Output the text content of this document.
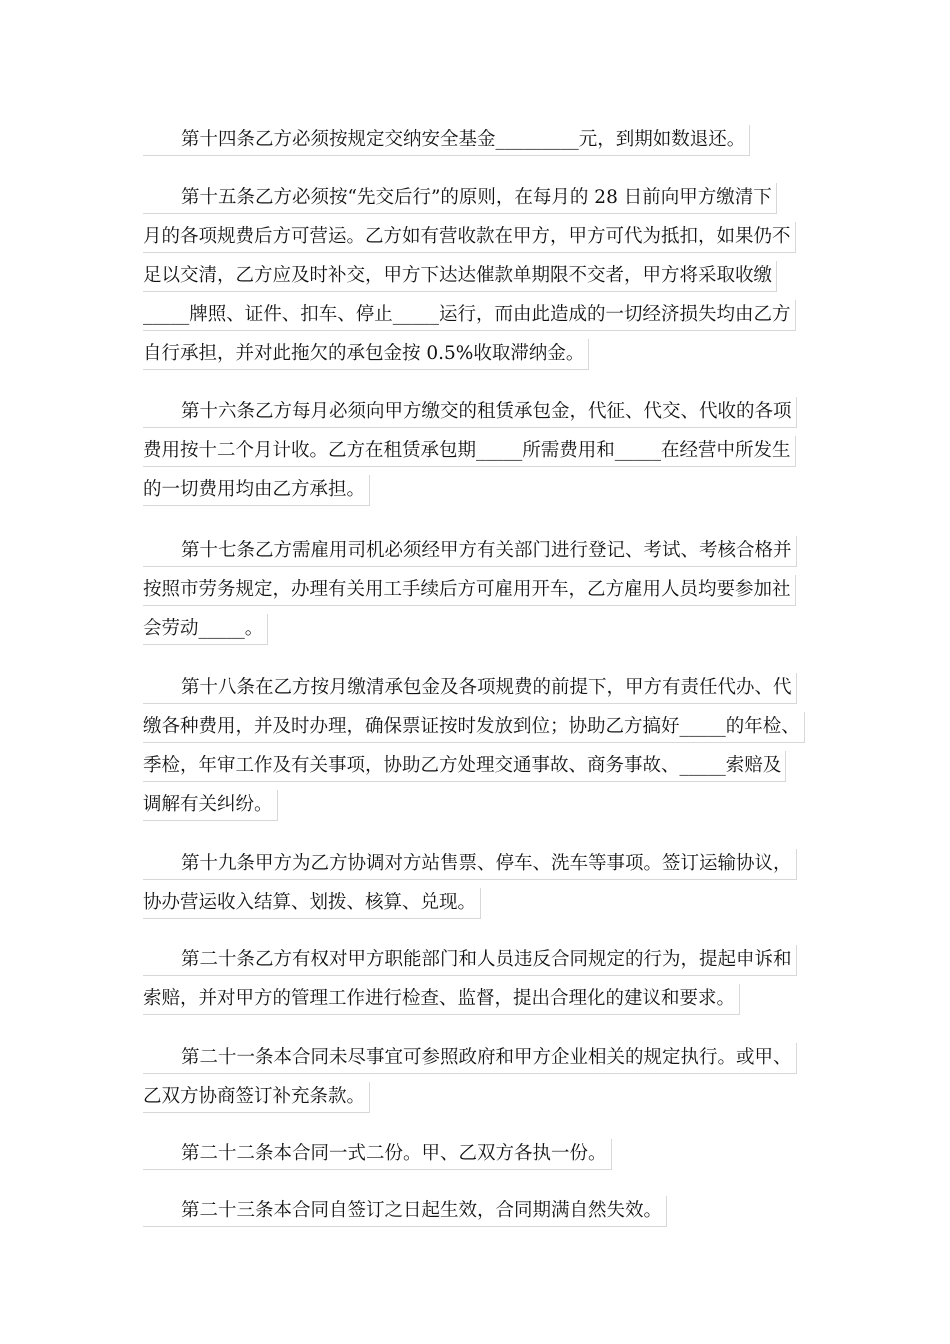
第十四条乙方必须按规定交纳安全基金_________元，到期如数退还。
第十五条乙方必须按“先交后行”的原则，在每月的 28 日前向甲方缴清下
月的各项规费后方可营运。乙方如有营收款在甲方，甲方可代为抵扣，如果仍不
足以交清，乙方应及时补交，甲方下达达催款单期限不交者，甲方将采取收缴
_____牌照、证件、扣车、停止_____运行，而由此造成的一切经济损失均由乙方
自行承担，并对此拖欠的承包金按 0.5%收取滞纳金。
第十六条乙方每月必须向甲方缴交的租赁承包金，代征、代交、代收的各项
费用按十二个月计收。乙方在租赁承包期_____所需费用和_____在经营中所发生
的一切费用均由乙方承担。
第十七条乙方需雇用司机必须经甲方有关部门进行登记、考试、考核合格并
按照市劳务规定，办理有关用工手续后方可雇用开车，乙方雇用人员均要参加社
会劳动_____。
第十八条在乙方按月缴清承包金及各项规费的前提下，甲方有责任代办、代
缴各种费用，并及时办理，确保票证按时发放到位；协助乙方搞好_____的年检、
季检，年审工作及有关事项，协助乙方处理交通事故、商务事故、_____索赔及
调解有关纠纷。
第十九条甲方为乙方协调对方站售票、停车、洗车等事项。签订运输协议，
协办营运收入结算、划拨、核算、兑现。
第二十条乙方有权对甲方职能部门和人员违反合同规定的行为，提起申诉和
索赔，并对甲方的管理工作进行检查、监督，提出合理化的建议和要求。
第二十一条本合同未尽事宜可参照政府和甲方企业相关的规定执行。或甲、
乙双方协商签订补充条款。
第二十二条本合同一式二份。甲、乙双方各执一份。
第二十三条本合同自签订之日起生效，合同期满自然失效。
